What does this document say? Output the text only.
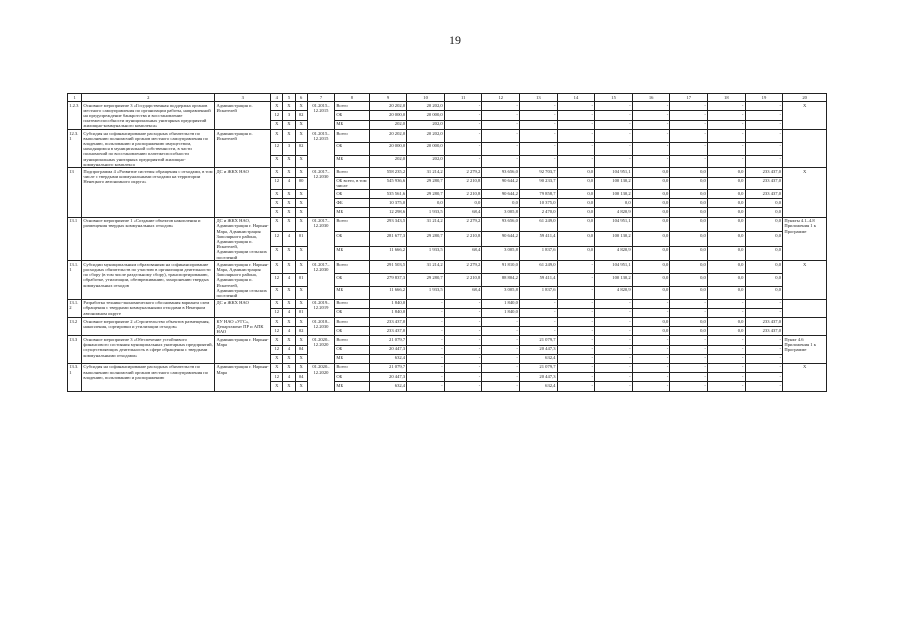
19
1	2	3	4	5	6	7	8	9	10	11	12	13	14	15	16	17	18	19	20
1.2.3	Основное мероприятие 3 «Государственная поддержка органов местного самоуправления по организации работы, направленной на предупреждение банкротства и восстановление платежеспособности муниципальных унитарных предприятий жилищно-коммунального комплекса»	Администрация п. Искателей	X	X	X	01.2015–12.2015	Всего	20 202,0	20 202,0	-	-	-	-	-	-	-	-	-	X
			12	3	02		ОБ	20 000,0	20 000,0	-	-	-	-	-	-	-	-	-	
			X	X	X		МБ	202,0	202,0	-	-	-	-	-	-	-	-	-	
12.3.1	Субсидия на софинансирование расходных обязательств по выполнению полномочий органов местного самоуправления по владению, пользованию и распоряжению имуществом, находящимся в муниципальной собственности, в части полномочий по восстановлению платежеспособности муниципальных унитарных предприятий жилищно-коммунального комплекса	Администрация п. Искателей	X	X	X	01.2015–12.2015	Всего	20 202,0	20 202,0	-	-	-	-	-	-	-	-	-	
			12	3	02		ОБ	20 000,0	20 000,0	-	-	-	-	-	-	-	-	-	
			X	X	X		МБ	202,0	202,0	-	-	-	-	-	-	-	-	-	
13	Подпрограмма 4 «Развитие системы обращения с отходами, в том числе с твердыми коммунальными отходами на территории Ненецкого автономного округа»	ДС и ЖКХ НАО	X	X	X	01.2017–12.2030	Всего	558 235,2	31 214,2	2 279,2	93 656,0	92 703,7	0,0	104 951,1	0,0	0,0	0,0	233 437,0	X
			12	4	00		ОБ всего, в том числе	545 936,6	29 280,7	2 210,8	90 644,2	90 233,7	0,0	100 130,2	0,0	0,0	0,0	233 437,0	
			X	X	X		ОБ	535 561,6	29 280,7	2 210,8	90 644,2	79 858,7	0,0	100 130,2	0,0	0,0	0,0	233 437,0	
			X	X	X		ФБ	10 375,0	0,0	0,0	0,0	10 375,0	0,0	0,0	0,0	0,0	0,0	0,0	
			X	X	X		МБ	12 298,6	1 933,5	68,4	3 005,8	2 470,0	0,0	4 820,9	0,0	0,0	0,0	0,0	
13.1	Основное мероприятие 1 «Создание объектов накопления и размещения твердых коммунальных отходов»	ДС и ЖКХ НАО, Администрация г. Нарьян-Мара, Администрация Заполярного района, Администрация п. Искателей, Администрации сельских поселений	X	X	X	01.2017–12.2030	Всего	293 343,5	31 214,2	2 279,2	93 656,0	61 249,0	0,0	104 951,1	0,0	0,0	0,0	0,0	Пункты 4.1–4.8 Приложения 1 к Программе
			12	4	01		ОБ	281 677,3	29 280,7	2 210,8	90 644,2	59 411,4	0,0	100 130,2	0,0	0,0	0,0	0,0	
			X	X	X		МБ	11 666,2	1 933,5	68,4	3 005,8	1 837,6	0,0	4 820,9	0,0	0,0	0,0	0,0	
13.1.1	Субсидии муниципальным образованиям на софинансирование расходных обязательств по участию в организации деятельности по сбору (в том числе раздельному сбору), транспортированию, обработке, утилизации, обезвреживанию, захоронению твердых коммунальных отходов	Администрация г. Нарьян-Мара, Администрация Заполярного района, Администрация п. Искателей, Администрации сельских поселений	X	X	X	01.2017–12.2030	Всего	291 503,5	31 214,2	2 279,2	91 810,0	61 249,0	-	104 951,1	0,0	0,0	0,0	0,0	X
			12	4	01		ОБ	279 837,3	29 280,7	2 210,8	88 804,2	59 411,4	-	100 130,2	0,0	0,0	0,0	0,0	
			X	X	X		МБ	11 666,2	1 933,5	68,4	3 005,8	1 837,6	-	4 820,9	0,0	0,0	0,0	0,0	
13.1.2	Разработка технико-экономического обоснования варианта схем обращения с твердыми коммунальными отходами в Ненецком автономном округе	ДС и ЖКХ НАО	X	X	X	01.2019–12.2019	Всего	1 840,0	-	-	1 840,0	-	-	-	-	-	-	-	
			12	4	01		ОБ	1 840,0	-	-	1 840,0	-	-	-	-	-	-	-	
13.2	Основное мероприятие 2 «Строительство объектов размещения, накопления, сортировки и утилизации отходов»	КУ НАО «УГС», Департамент ПР и АПК НАО	X	X	X	01.2018–12.2030	Всего	233 437,0	-	-	-	-	-	-	0,0	0,0	0,0	233 437,0	
			12	4	02		ОБ	233 437,0	-	-	-	-	-	-	0,0	0,0	0,0	233 437,0	
13.3	Основное мероприятие 3 «Обеспечение устойчивого финансового состояния муниципальных унитарных предприятий, осуществляющих деятельность в сфере обращения с твердыми коммунальными отходами»	Администрация г. Нарьян-Мара	X	X	X	01.2020–12.2020	Всего	21 079,7	-	-	-	21 079,7	-	-	-	-	-	-	Пункт 4.6 Приложения 1 к Программе
			12	4	04		ОБ	20 447,3	-	-	-	20 447,3	-	-	-	-	-	-	
			X	X	X		МБ	632,4	-	-	-	632,4	-	-	-	-	-	-	
13.3.1	Субсидия на софинансирование расходных обязательств по выполнению полномочий органов местного самоуправления по владению, пользованию и распоряжению	Администрация г. Нарьян-Мара	X	X	X	01.2020–12.2020	Всего	21 079,7	-	-	-	21 079,7	-	-	-	-	-	-	X
			12	4	04		ОБ	20 447,3	-	-	-	20 447,3	-	-	-	-	-	-	
			X	X	X		МБ	632,4	-	-	-	632,4	-	-	-	-	-	-	
